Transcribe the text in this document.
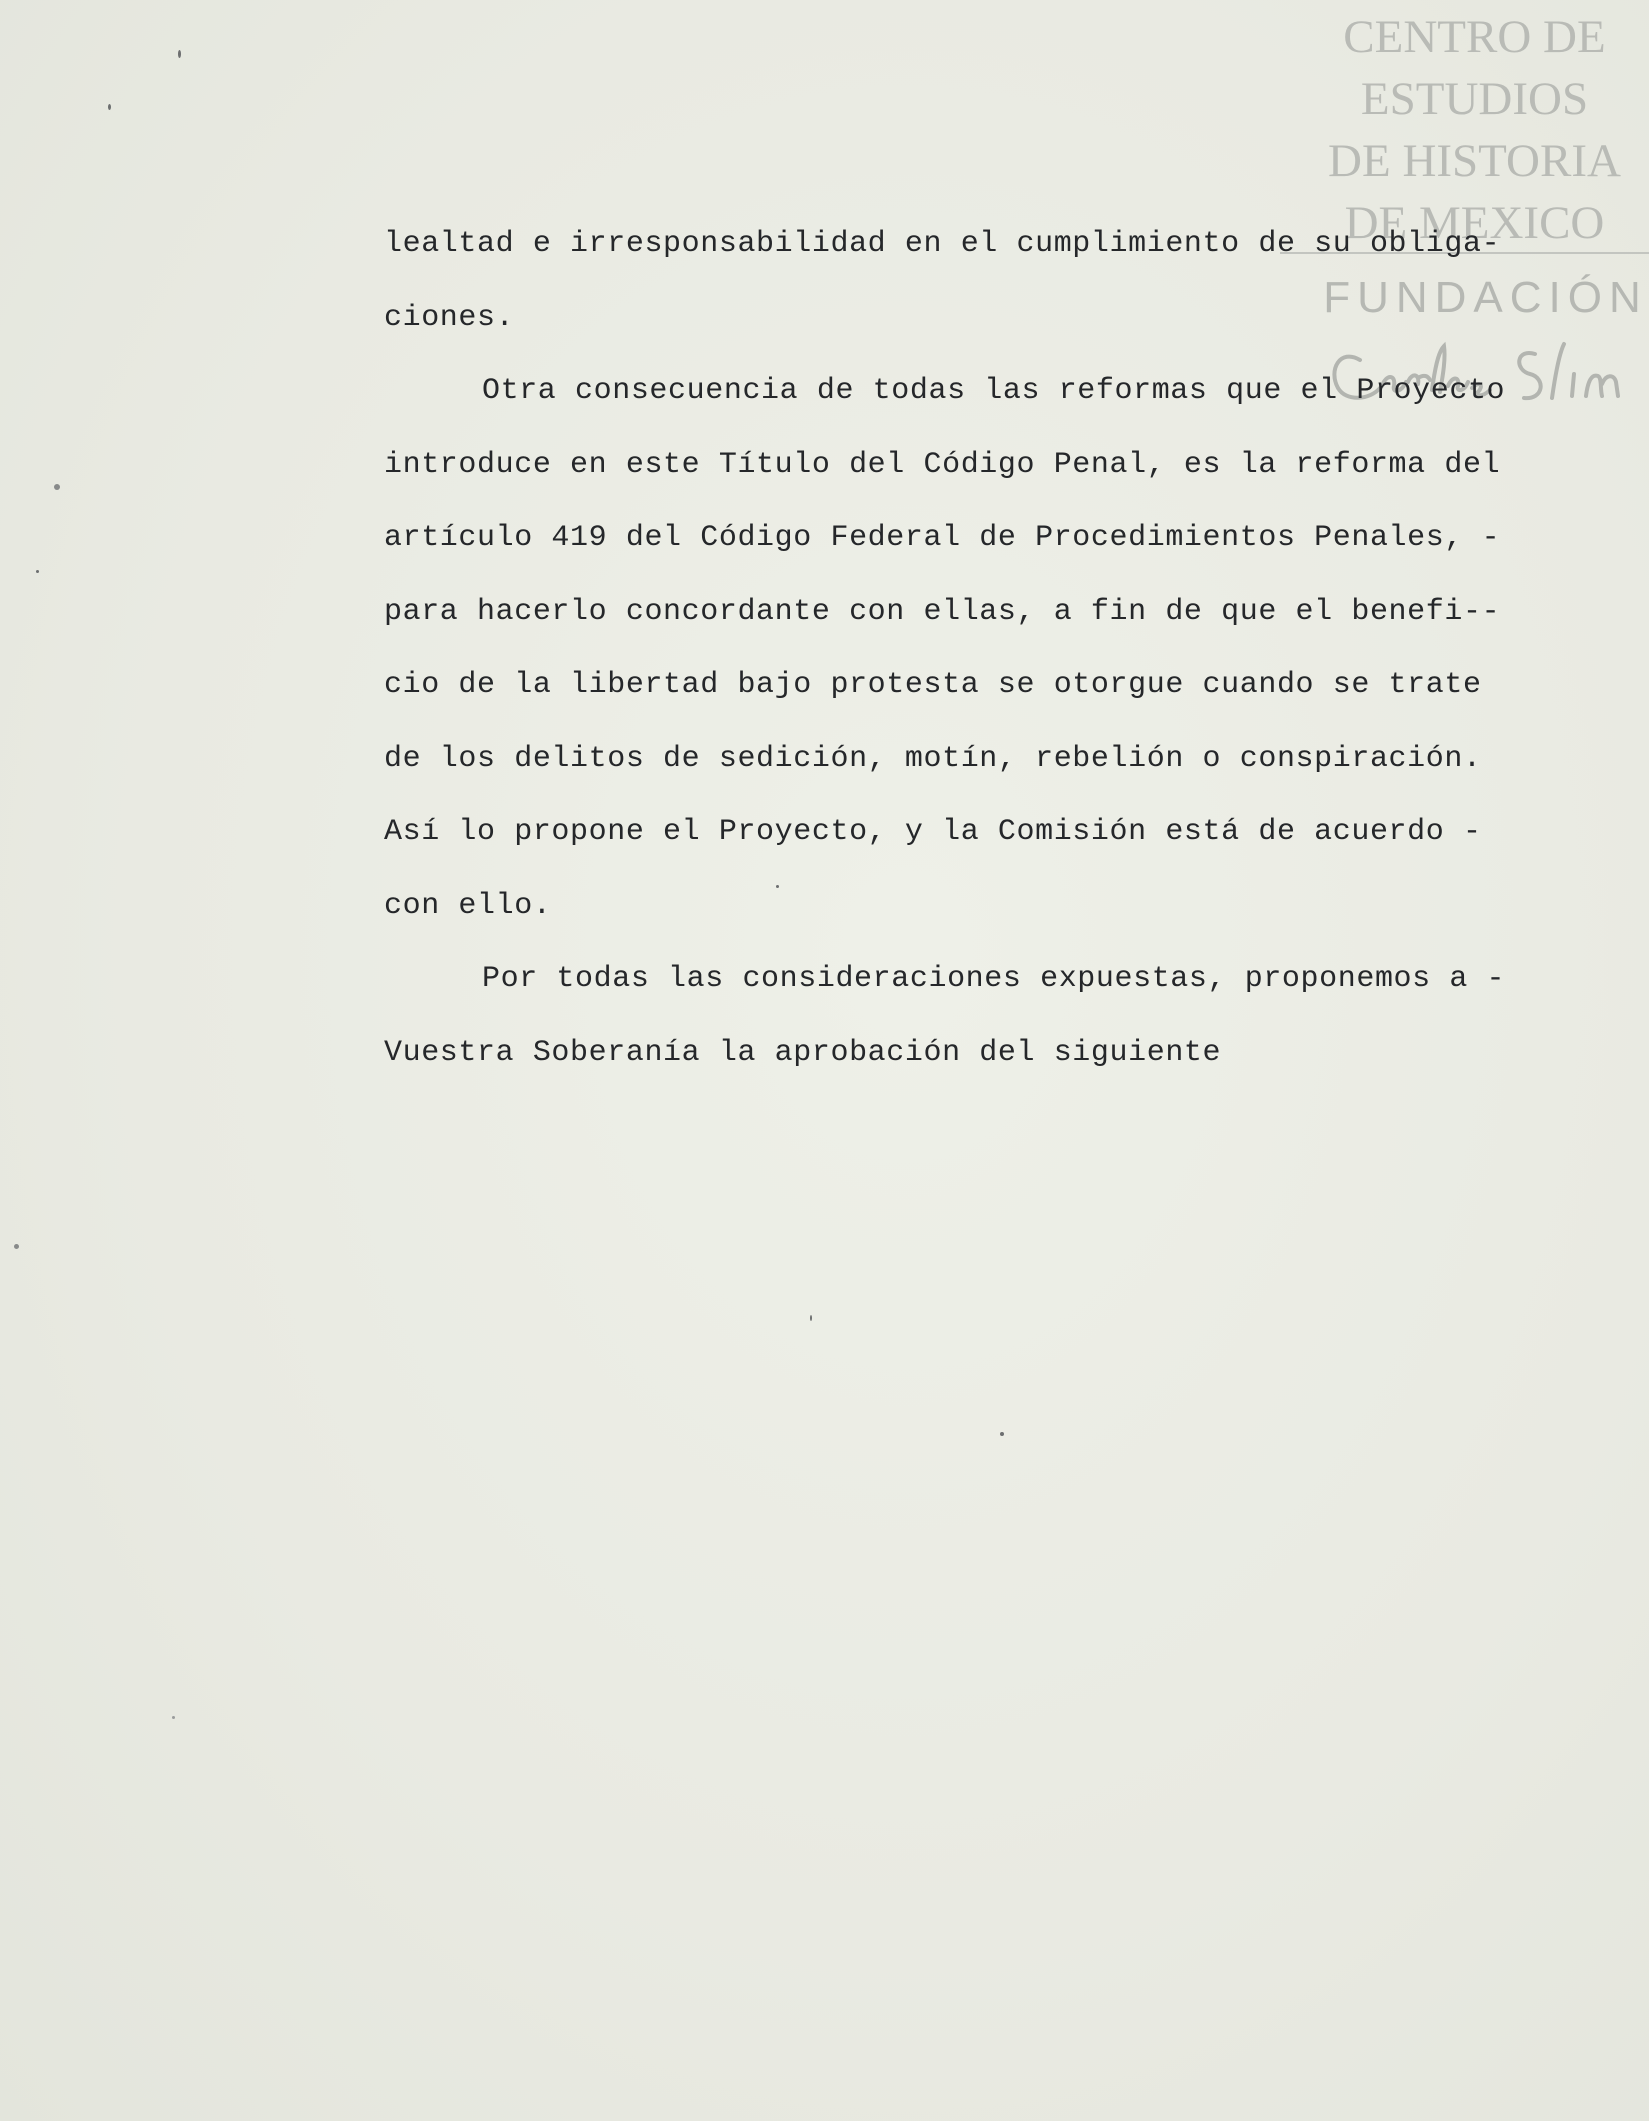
CENTRO DE
ESTUDIOS
DE HISTORIA
DE MEXICO
FUNDACIÓN
lealtad e irresponsabilidad en el cumplimiento de su obliga-
ciones.
Otra consecuencia de todas las reformas que el Proyecto
introduce en este Título del Código Penal, es la reforma del
artículo 419 del Código Federal de Procedimientos Penales, -
para hacerlo concordante con ellas, a fin de que el benefi--
cio de la libertad bajo protesta se otorgue cuando se trate
de los delitos de sedición, motín, rebelión o conspiración.
Así lo propone el Proyecto, y la Comisión está de acuerdo -
con ello.
Por todas las consideraciones expuestas, proponemos a -
Vuestra Soberanía la aprobación del siguiente
